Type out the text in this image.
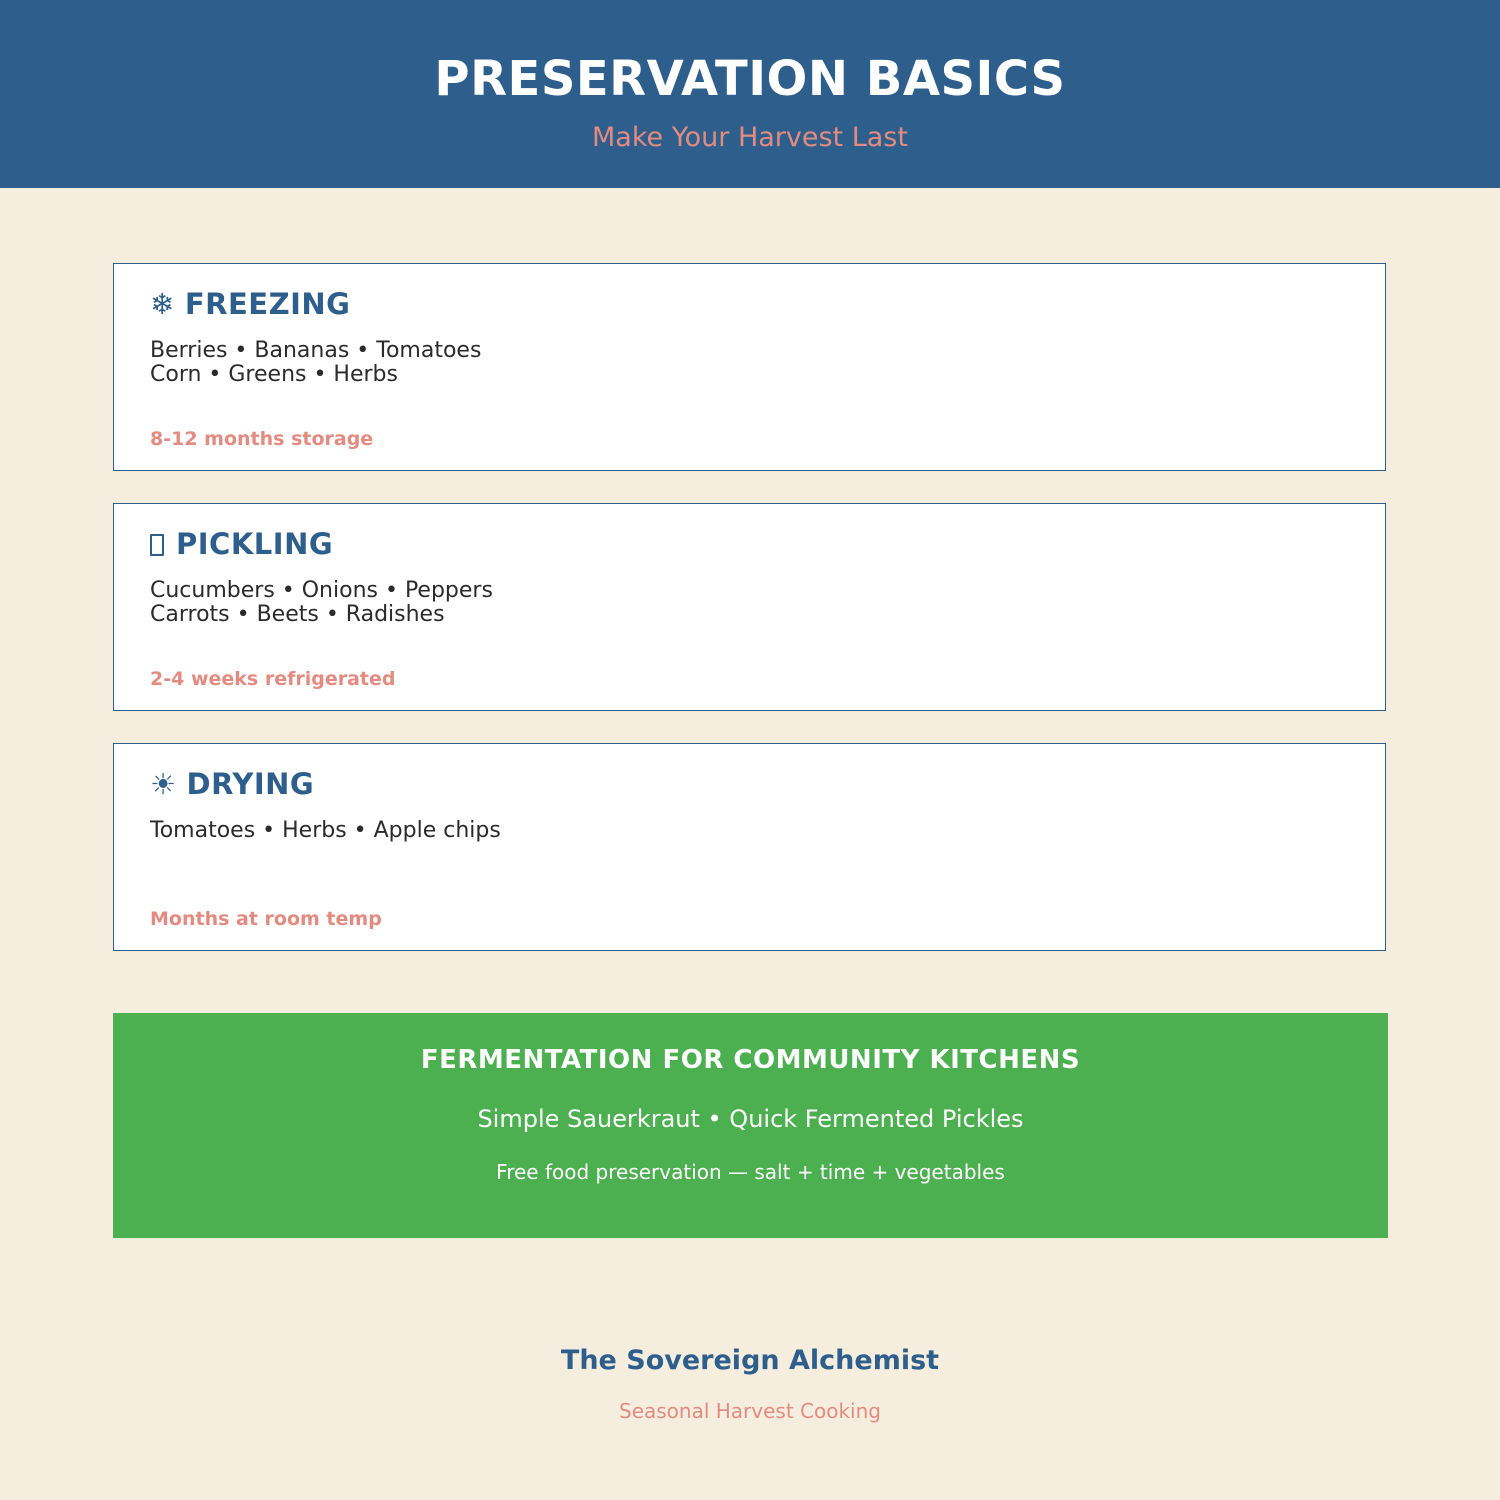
PRESERVATION BASICS
Make Your Harvest Last
❄ FREEZING
Berries • Bananas • Tomatoes
Corn • Greens • Herbs
8-12 months storage
PICKLING
Cucumbers • Onions • Peppers
Carrots • Beets • Radishes
2-4 weeks refrigerated
☀ DRYING
Tomatoes • Herbs • Apple chips
Months at room temp
FERMENTATION FOR COMMUNITY KITCHENS
Simple Sauerkraut • Quick Fermented Pickles
Free food preservation — salt + time + vegetables
The Sovereign Alchemist
Seasonal Harvest Cooking
